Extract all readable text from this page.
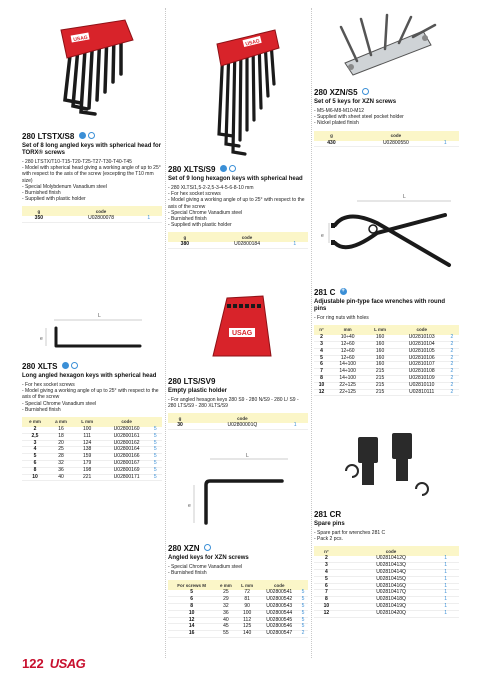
USAG
280 LTSTX/S8
Set of 8 long angled keys with spherical head for TORX® screws
- 280 LTSTX/T10-T15-T20-T25-T27-T30-T40-T45
- Model with spherical head giving a working angle of up to 25° with respect to the axis of the screw (excepting the T10 mm size)
- Special Molybdenum Vanadium steel
- Burnished finish
- Supplied with plastic holder
g	code	
350	U02800078	1
L
e
280 XLTS
Long angled hexagon keys with spherical head
- For hex socket screws
- Model giving a working angle of up to 25° with respect to the axis of the screw
- Special Chrome Vanadium steel
- Burnished finish
e mm	a mm	L mm	code	
2	16	100	U02800160	5
2,5	18	111	U02800161	5
3	20	124	U02800162	5
4	25	138	U02800164	5
5	28	159	U02800166	5
6	32	179	U02800167	5
8	36	198	U02800169	5
10	40	221	U02800171	5
USAG
280 XLTS/S9
Set of 9 long hexagon keys with spherical head
- 280 XLTS/1,5-2-2,5-3-4-5-6-8-10 mm
- For hex socket screws
- Model giving a working angle of up to 25° with respect to the axis of the screw
- Special Chrome Vanadium steel
- Burnished finish
- Supplied with plastic holder
g	code	
380	U02800184	1
USAG
280 LTS/SV9
Empty plastic holder
- For angled hexagon keys 280 S9 - 280 N/S9 - 280 L/ S9 - 280 LTS/S9 - 280 XLTS/S9
g	code	
30	U02800001Q	1
L
e
280 XZN
Angled keys for XZN screws
- Special Chrome Vanadium steel
- Burnished finish
For screws M	e mm	L mm	code	
5	25	72	U02800541	5
6	29	81	U02800542	5
8	32	90	U02800543	5
10	36	100	U02800544	5
12	40	112	U02800545	5
14	45	125	U02800546	5
16	55	140	U02800547	2
280 XZN/S5
Set of 5 keys for XZN screws
- M5-M6-M8-M10-M12
- Supplied with sheet steel pocket holder
- Nickel plated finish
g	code	
430	U02800550	1
L
e
281 C +
Adjustable pin-type face wrenches with round pins
- For ring nuts with holes
n°	mm	L mm	code	
2	10÷40	160	U02810103	2
3	12÷60	160	U02810104	2
4	12÷60	160	U02810105	2
5	12÷60	160	U02810106	2
6	14÷100	160	U02810107	2
7	14÷100	215	U02810108	2
8	14÷100	215	U02810109	2
10	22÷125	215	U02810110	2
12	22÷125	215	U02810111	2
281 CR
Spare pins
- Spare part for wrenches 281 C
- Pack 2 pcs.
n°	code	
2	U02810412Q	1
3	U02810413Q	1
4	U02810414Q	1
5	U02810415Q	1
6	U02810416Q	1
7	U02810417Q	1
8	U02810418Q	1
10	U02810419Q	1
12	U02810420Q	1
122 USAG
